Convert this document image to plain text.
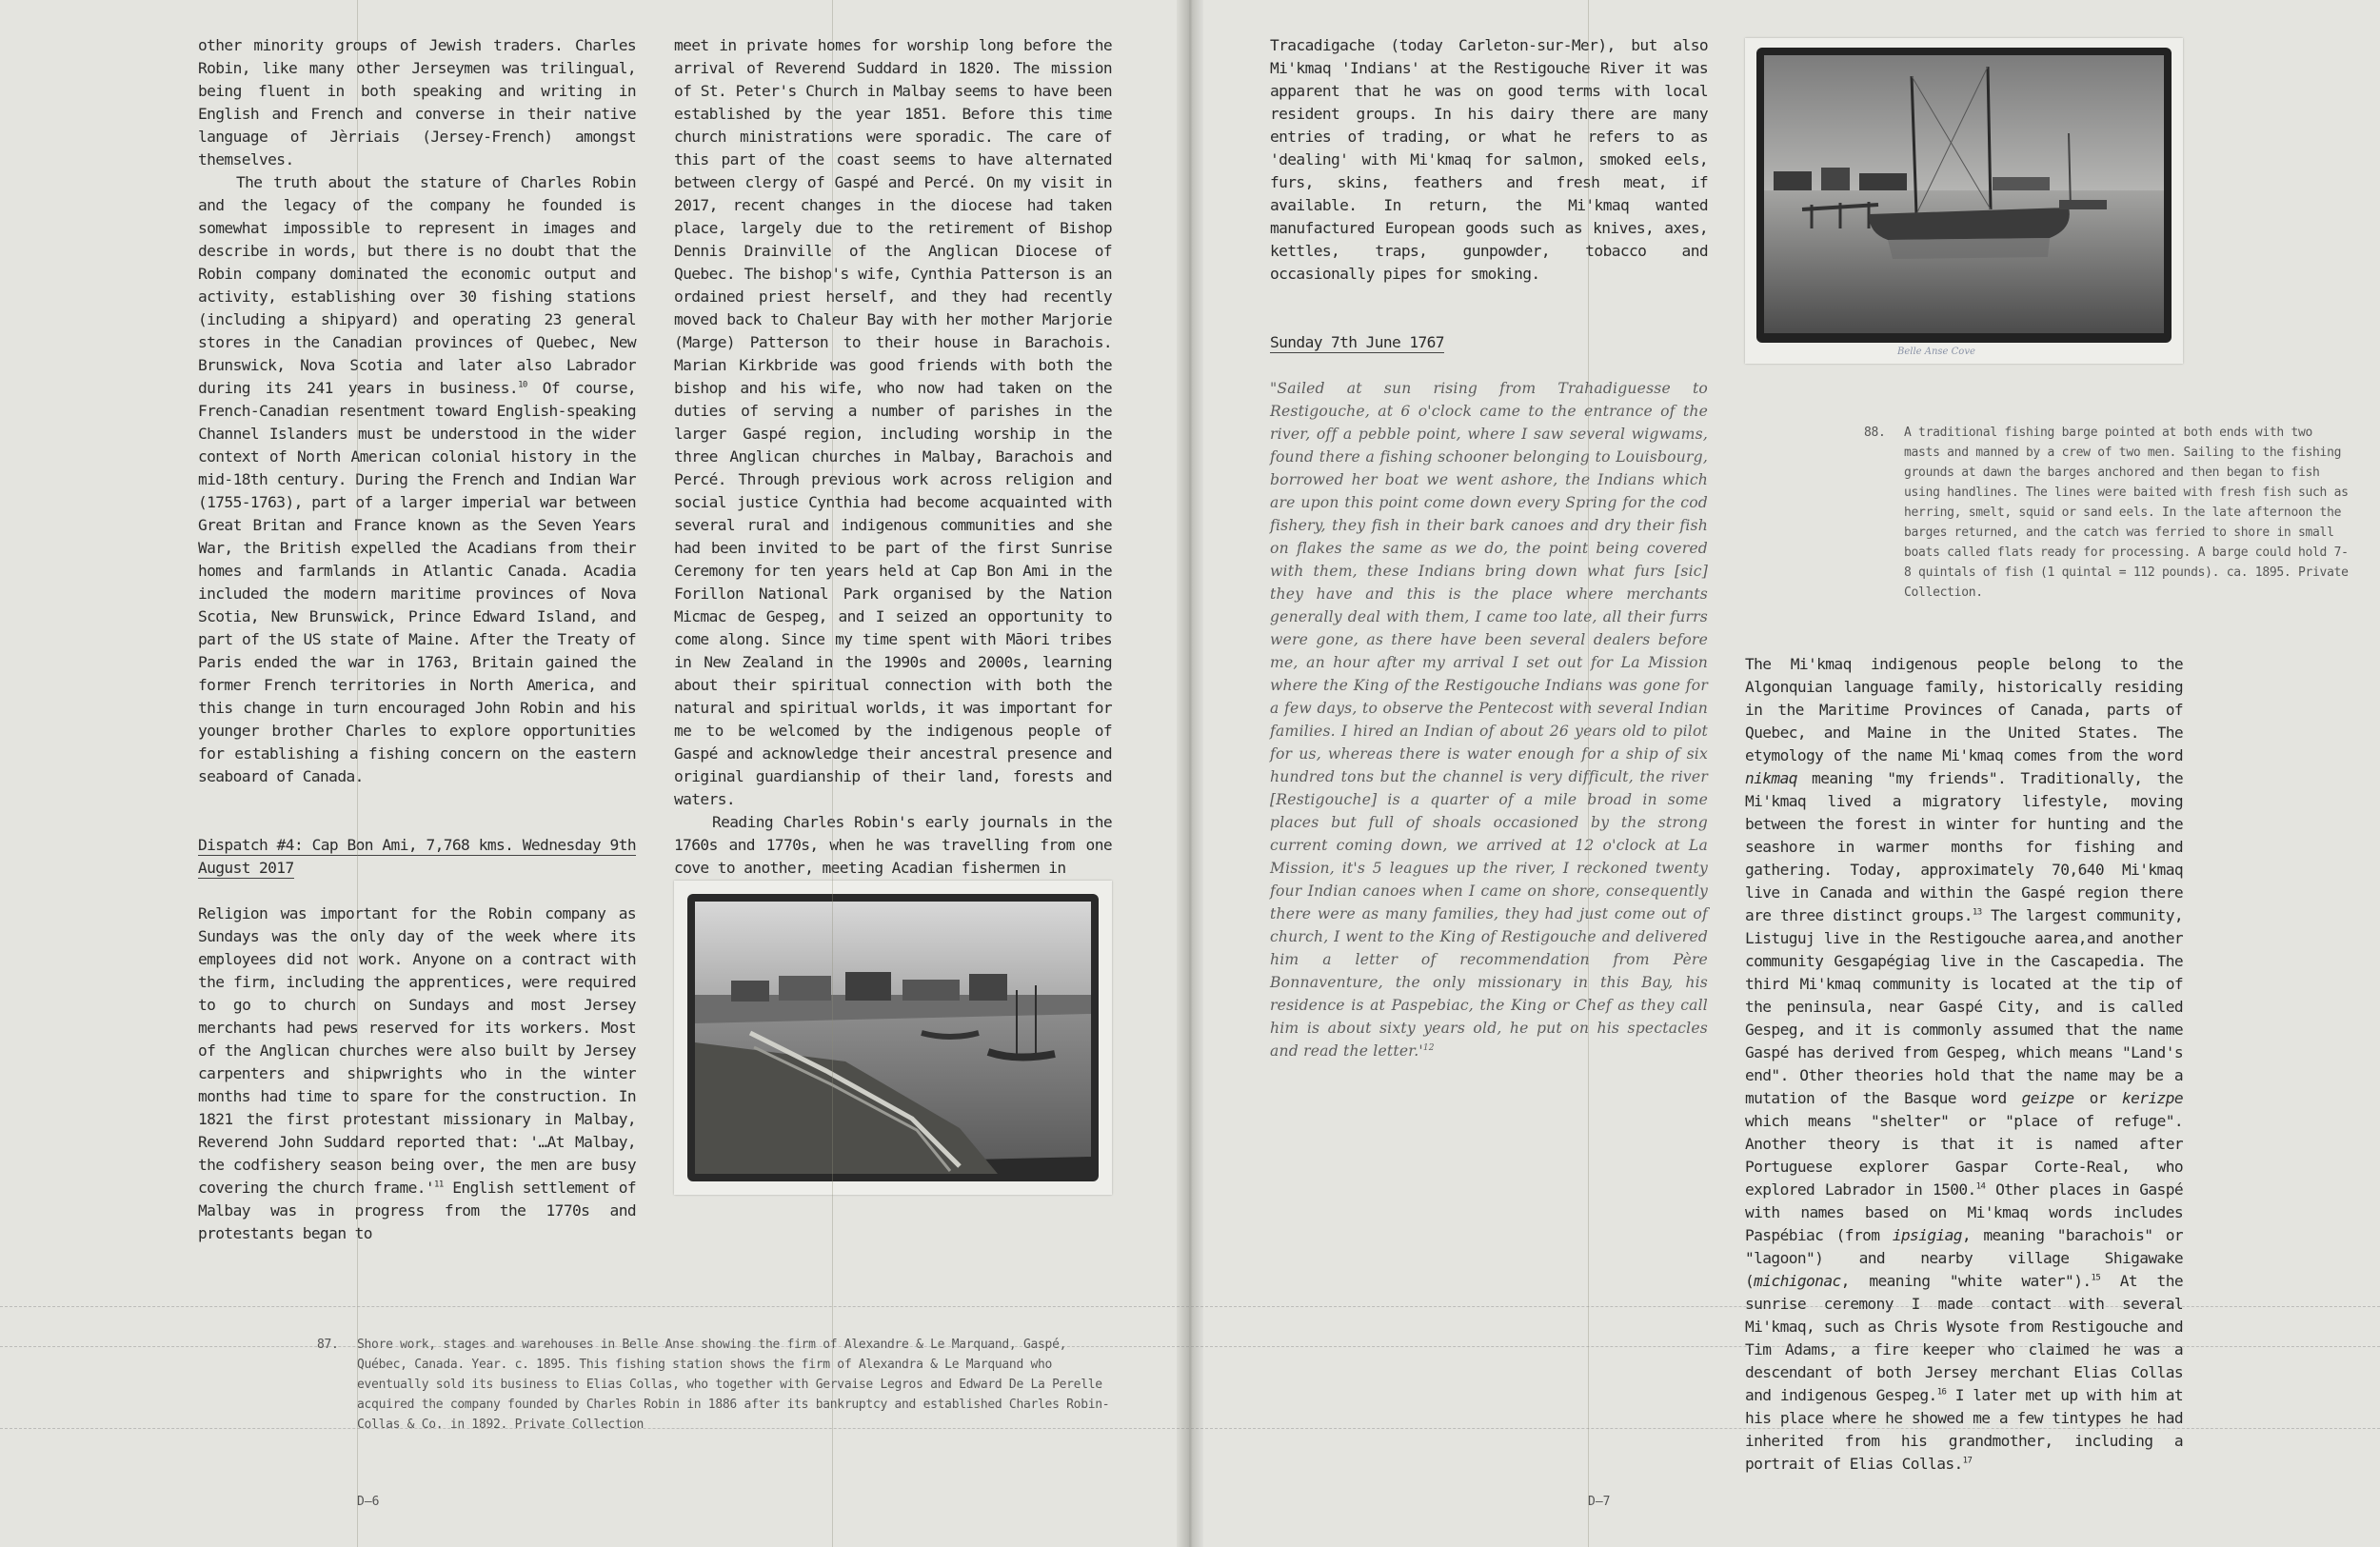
other minority groups of Jewish traders. Charles Robin, like many other Jerseymen was trilingual, being fluent in both speaking and writing in English and French and converse in their native language of Jèrriais (Jersey-French) amongst themselves.

The truth about the stature of Charles Robin and the legacy of the company he founded is somewhat impossible to represent in images and describe in words, but there is no doubt that the Robin company dominated the economic output and activity, establishing over 30 fishing stations (including a shipyard) and operating 23 general stores in the Canadian provinces of Quebec, New Brunswick, Nova Scotia and later also Labrador during its 241 years in business.$^{10}$ Of course, French-Canadian resentment toward English-speaking Channel Islanders must be understood in the wider context of North American colonial history in the mid-18th century. During the French and Indian War (1755-1763), part of a larger imperial war between Great Britan and France known as the Seven Years War, the British expelled the Acadians from their homes and farmlands in Atlantic Canada. Acadia included the modern maritime provinces of Nova Scotia, New Brunswick, Prince Edward Island, and part of the US state of Maine. After the Treaty of Paris ended the war in 1763, Britain gained the former French territories in North America, and this change in turn encouraged John Robin and his younger brother Charles to explore opportunities for establishing a fishing concern on the eastern seaboard of Canada.

Dispatch #4: Cap Bon Ami, 7,768 kms. Wednesday 9th August 2017

Religion was important for the Robin company as Sundays was the only day of the week where its employees did not work. Anyone on a contract with the firm, including the apprentices, were required to go to church on Sundays and most Jersey merchants had pews reserved for its workers. Most of the Anglican churches were also built by Jersey carpenters and shipwrights who in the winter months had time to spare for the construction. In 1821 the first protestant missionary in Malbay, Reverend John Suddard reported that: '…At Malbay, the codfishery season being over, the men are busy covering the church $frame.'^{11}$ English settlement of Malbay was in progress from the 1770s and protestants began to

meet in private homes for worship long before the arrival of Reverend Suddard in 1820. The mission of St. Peter's Church in Malbay seems to have been established by the year 1851. Before this time church ministrations were sporadic. The care of this part of the coast seems to have alternated between clergy of Gaspé and Percé. On my visit in 2017, recent changes in the diocese had taken place, largely due to the retirement of Bishop Dennis Drainville of the Anglican Diocese of Quebec. The bishop's wife, Cynthia Patterson is an ordained priest herself, and they had recently moved back to Chaleur Bay with her mother Marjorie (Marge) Patterson to their house in Barachois. Marian Kirkbride was good friends with both the bishop and his wife, who now had taken on the duties of serving a number of parishes in the larger Gaspé region, including worship in the three Anglican churches in Malbay, Barachois and Percé. Through previous work across religion and social justice Cynthia had become acquainted with several rural and indigenous communities and she had been invited to be part of the first Sunrise Ceremony for ten years held at Cap Bon Ami in the Forillon National Park organised by the Nation Micmac de Gespeg, and I seized an opportunity to come along. Since my time spent with Māori tribes in New Zealand in the 1990s and 2000s, learning about their spiritual connection with both the natural and spiritual worlds, it was important for me to be welcomed by the indigenous people of Gaspé and acknowledge their ancestral presence and original guardianship of their land, forests and waters.

Reading Charles Robin's early journals in the 1760s and 1770s, when he was travelling from one cove to another, meeting Acadian fishermen in

87. Shore work, stages and warehouses in Belle Anse showing the firm of Alexandre & Le Marquand, Gaspé, Québec, Canada. Year. c. 1895. This fishing station shows the firm of Alexandra & Le Marquand who eventually sold its business to Elias Collas, who together with Gervaise Legros and Edward De La Perelle acquired the company founded by Charles Robin in 1886 after its bankruptcy and established Charles Robin-Collas & Co. in 1892. Private Collection
D—6

Tracadigache (today Carleton-sur-Mer), but also Mi'kmaq 'Indians' at the Restigouche River it was apparent that he was on good terms with local resident groups. In his dairy there are many entries of trading, or what he refers to as 'dealing' with Mi'kmaq for salmon, smoked eels, furs, skins, feathers and fresh meat, if available. In return, the Mi'kmaq wanted manufactured European goods such as knives, axes, kettles, traps, gunpowder, tobacco and occasionally pipes for smoking.

Sunday 7th June 1767

"Sailed at sun rising from Trahadiguesse to Restigouche, at 6 o'clock came to the entrance of the river, off a pebble point, where I saw several wigwams, found there a fishing schooner belonging to Louisbourg, borrowed her boat we went ashore, the Indians which are upon this point come down every Spring for the cod fishery, they fish in their bark canoes and dry their fish on flakes the same as we do, the point being covered with them, these Indians bring down what furs [sic] they have and this is the place where merchants generally deal with them, I came too late, all their furrs were gone, as there have been several dealers before me, an hour after my arrival I set out for La Mission where the King of the Restigouche Indians was gone for a few days, to observe the Pentecost with several Indian families. I hired an Indian of about 26 years old to pilot for us, whereas there is water enough for a ship of six hundred tons but the channel is very difficult, the river [Restigouche] is a quarter of a mile broad in some places but full of shoals occasioned by the strong current coming down, we arrived at 12 o'clock at La Mission, it's 5 leagues up the river, I reckoned twenty four Indian canoes when I came on shore, consequently there were as many families, they had just come out of church, I went to the King of Restigouche and delivered him a letter of recommendation from Père Bonnaventure, the only missionary in this Bay, his residence is at Paspebiac, the King or Chef as they call him is about sixty years old, he put on his spectacles and read the $letter.'^{12}$

Belle Anse Cove
88. A traditional fishing barge pointed at both ends with two masts and manned by a crew of two men. Sailing to the fishing grounds at dawn the barges anchored and then began to fish using handlines. The lines were baited with fresh fish such as herring, smelt, squid or sand eels. In the late afternoon the barges returned, and the catch was ferried to shore in small boats called flats ready for processing. A barge could hold 7-8 quintals of fish (1 quintal = 112 pounds). ca. 1895. Private Collection.

The Mi'kmaq indigenous people belong to the Algonquian language family, historically residing in the Maritime Provinces of Canada, parts of Quebec, and Maine in the United States. The etymology of the name Mi'kmaq comes from the word nikmaq meaning "my friends". Traditionally, the Mi'kmaq lived a migratory lifestyle, moving between the forest in winter for hunting and the seashore in warmer months for fishing and gathering. Today, approximately 70,640 Mi'kmaq live in Canada and within the Gaspé region there are three distinct groups.$^{13}$ The largest community, Listuguj live in the Restigouche aarea,and another community Gesgapégiag live in the Cascapedia. The third Mi'kmaq community is located at the tip of the peninsula, near Gaspé City, and is called Gespeg, and it is commonly assumed that the name Gaspé has derived from Gespeg, which means "Land's end". Other theories hold that the name may be a mutation of the Basque word geizpe or kerizpe which means "shelter" or "place of refuge". Another theory is that it is named after Portuguese explorer Gaspar Corte-Real, who explored Labrador in 1500.14 Other places in Gaspé with names based on Mi'kmaq words includes Paspébiac (from ipsigiag, meaning "barachois" or "lagoon") and nearby village Shigawake (michigonac, meaning "white water").$^{15}$ At the sunrise ceremony I made contact with several Mi'kmaq, such as Chris Wysote from Restigouche and Tim Adams, a fire keeper who claimed he was a descendant of both Jersey merchant Elias Collas and indigenous Gespeg.$^{16}$ I later met up with him at his place where he showed me a few tintypes he had inherited from his grandmother, including a portrait of Elias Collas.$^{17}$

D—7
